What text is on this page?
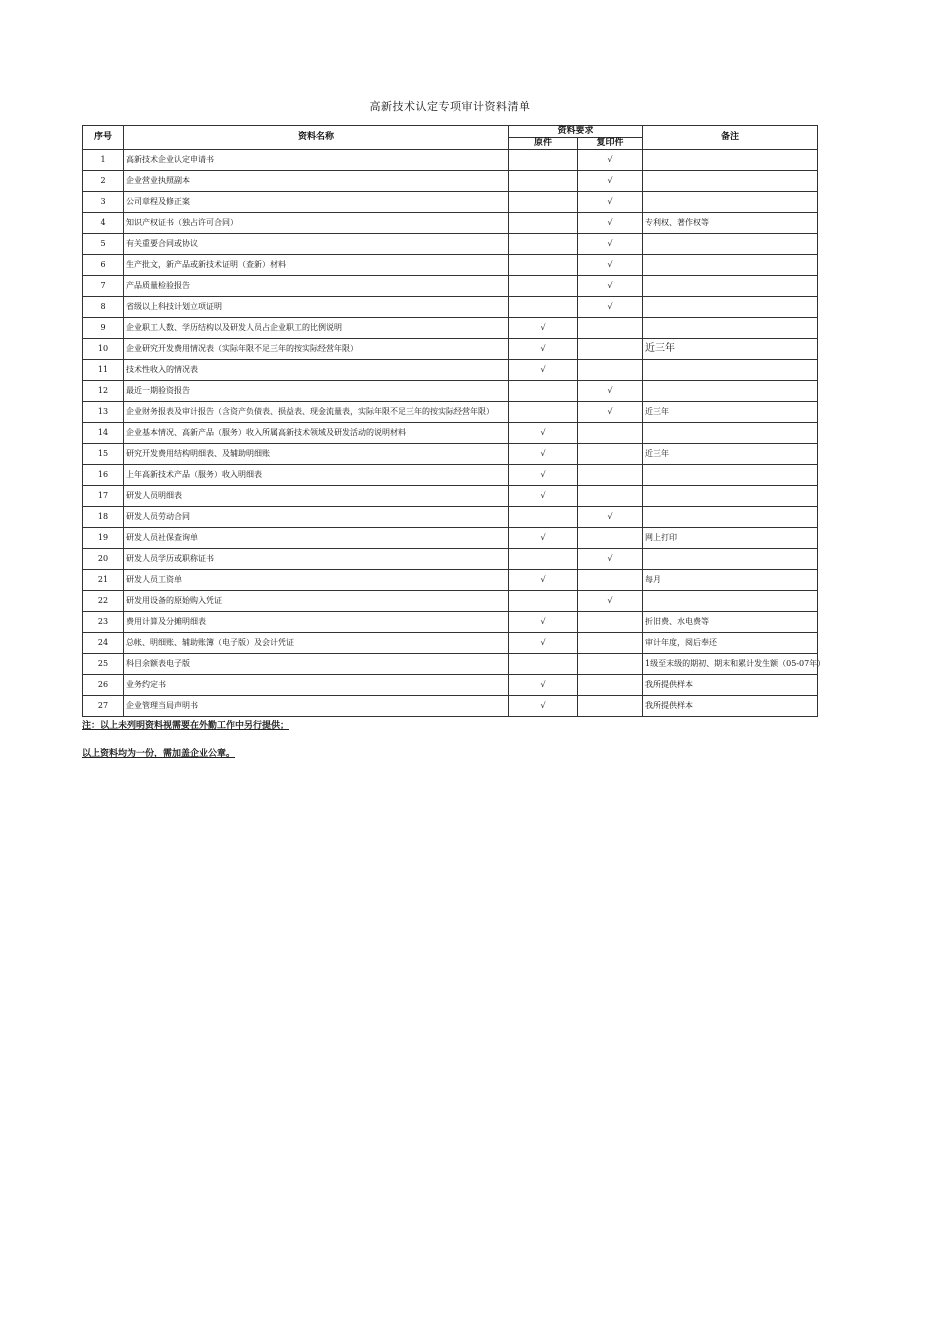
高新技术认定专项审计资料清单
序号	资料名称	资料要求		备注
		原件	复印件	
1	高新技术企业认定申请书		√	
2	企业营业执照副本		√	
3	公司章程及修正案		√	
4	知识产权证书（独占许可合同）		√	专利权、著作权等
5	有关重要合同或协议		√	
6	生产批文，新产品或新技术证明（查新）材料		√	
7	产品质量检验报告		√	
8	省级以上科技计划立项证明		√	
9	企业职工人数、学历结构以及研发人员占企业职工的比例说明	√		
10	企业研究开发费用情况表（实际年限不足三年的按实际经营年限）	√		近三年
11	技术性收入的情况表	√		
12	最近一期验资报告		√	
13	企业财务报表及审计报告（含资产负债表、损益表、现金流量表，实际年限不足三年的按实际经营年限）		√	近三年
14	企业基本情况、高新产品（服务）收入所属高新技术领域及研发活动的说明材料	√		
15	研究开发费用结构明细表、及辅助明细账	√		近三年
16	上年高新技术产品（服务）收入明细表	√		
17	研发人员明细表	√		
18	研发人员劳动合同		√	
19	研发人员社保查询单	√		网上打印
20	研发人员学历或职称证书		√	
21	研发人员工资单	√		每月
22	研发用设备的原始购入凭证		√	
23	费用计算及分摊明细表	√		折旧费、水电费等
24	总帐、明细账、辅助账簿（电子版）及会计凭证	√		审计年度，阅后奉还
25	科目余额表电子版			1级至末级的期初、期末和累计发生额（05-07年）
26	业务约定书	√		我所提供样本
27	企业管理当局声明书	√		我所提供样本
注：以上未列明资料视需要在外勤工作中另行提供；
以上资料均为一份，需加盖企业公章。
